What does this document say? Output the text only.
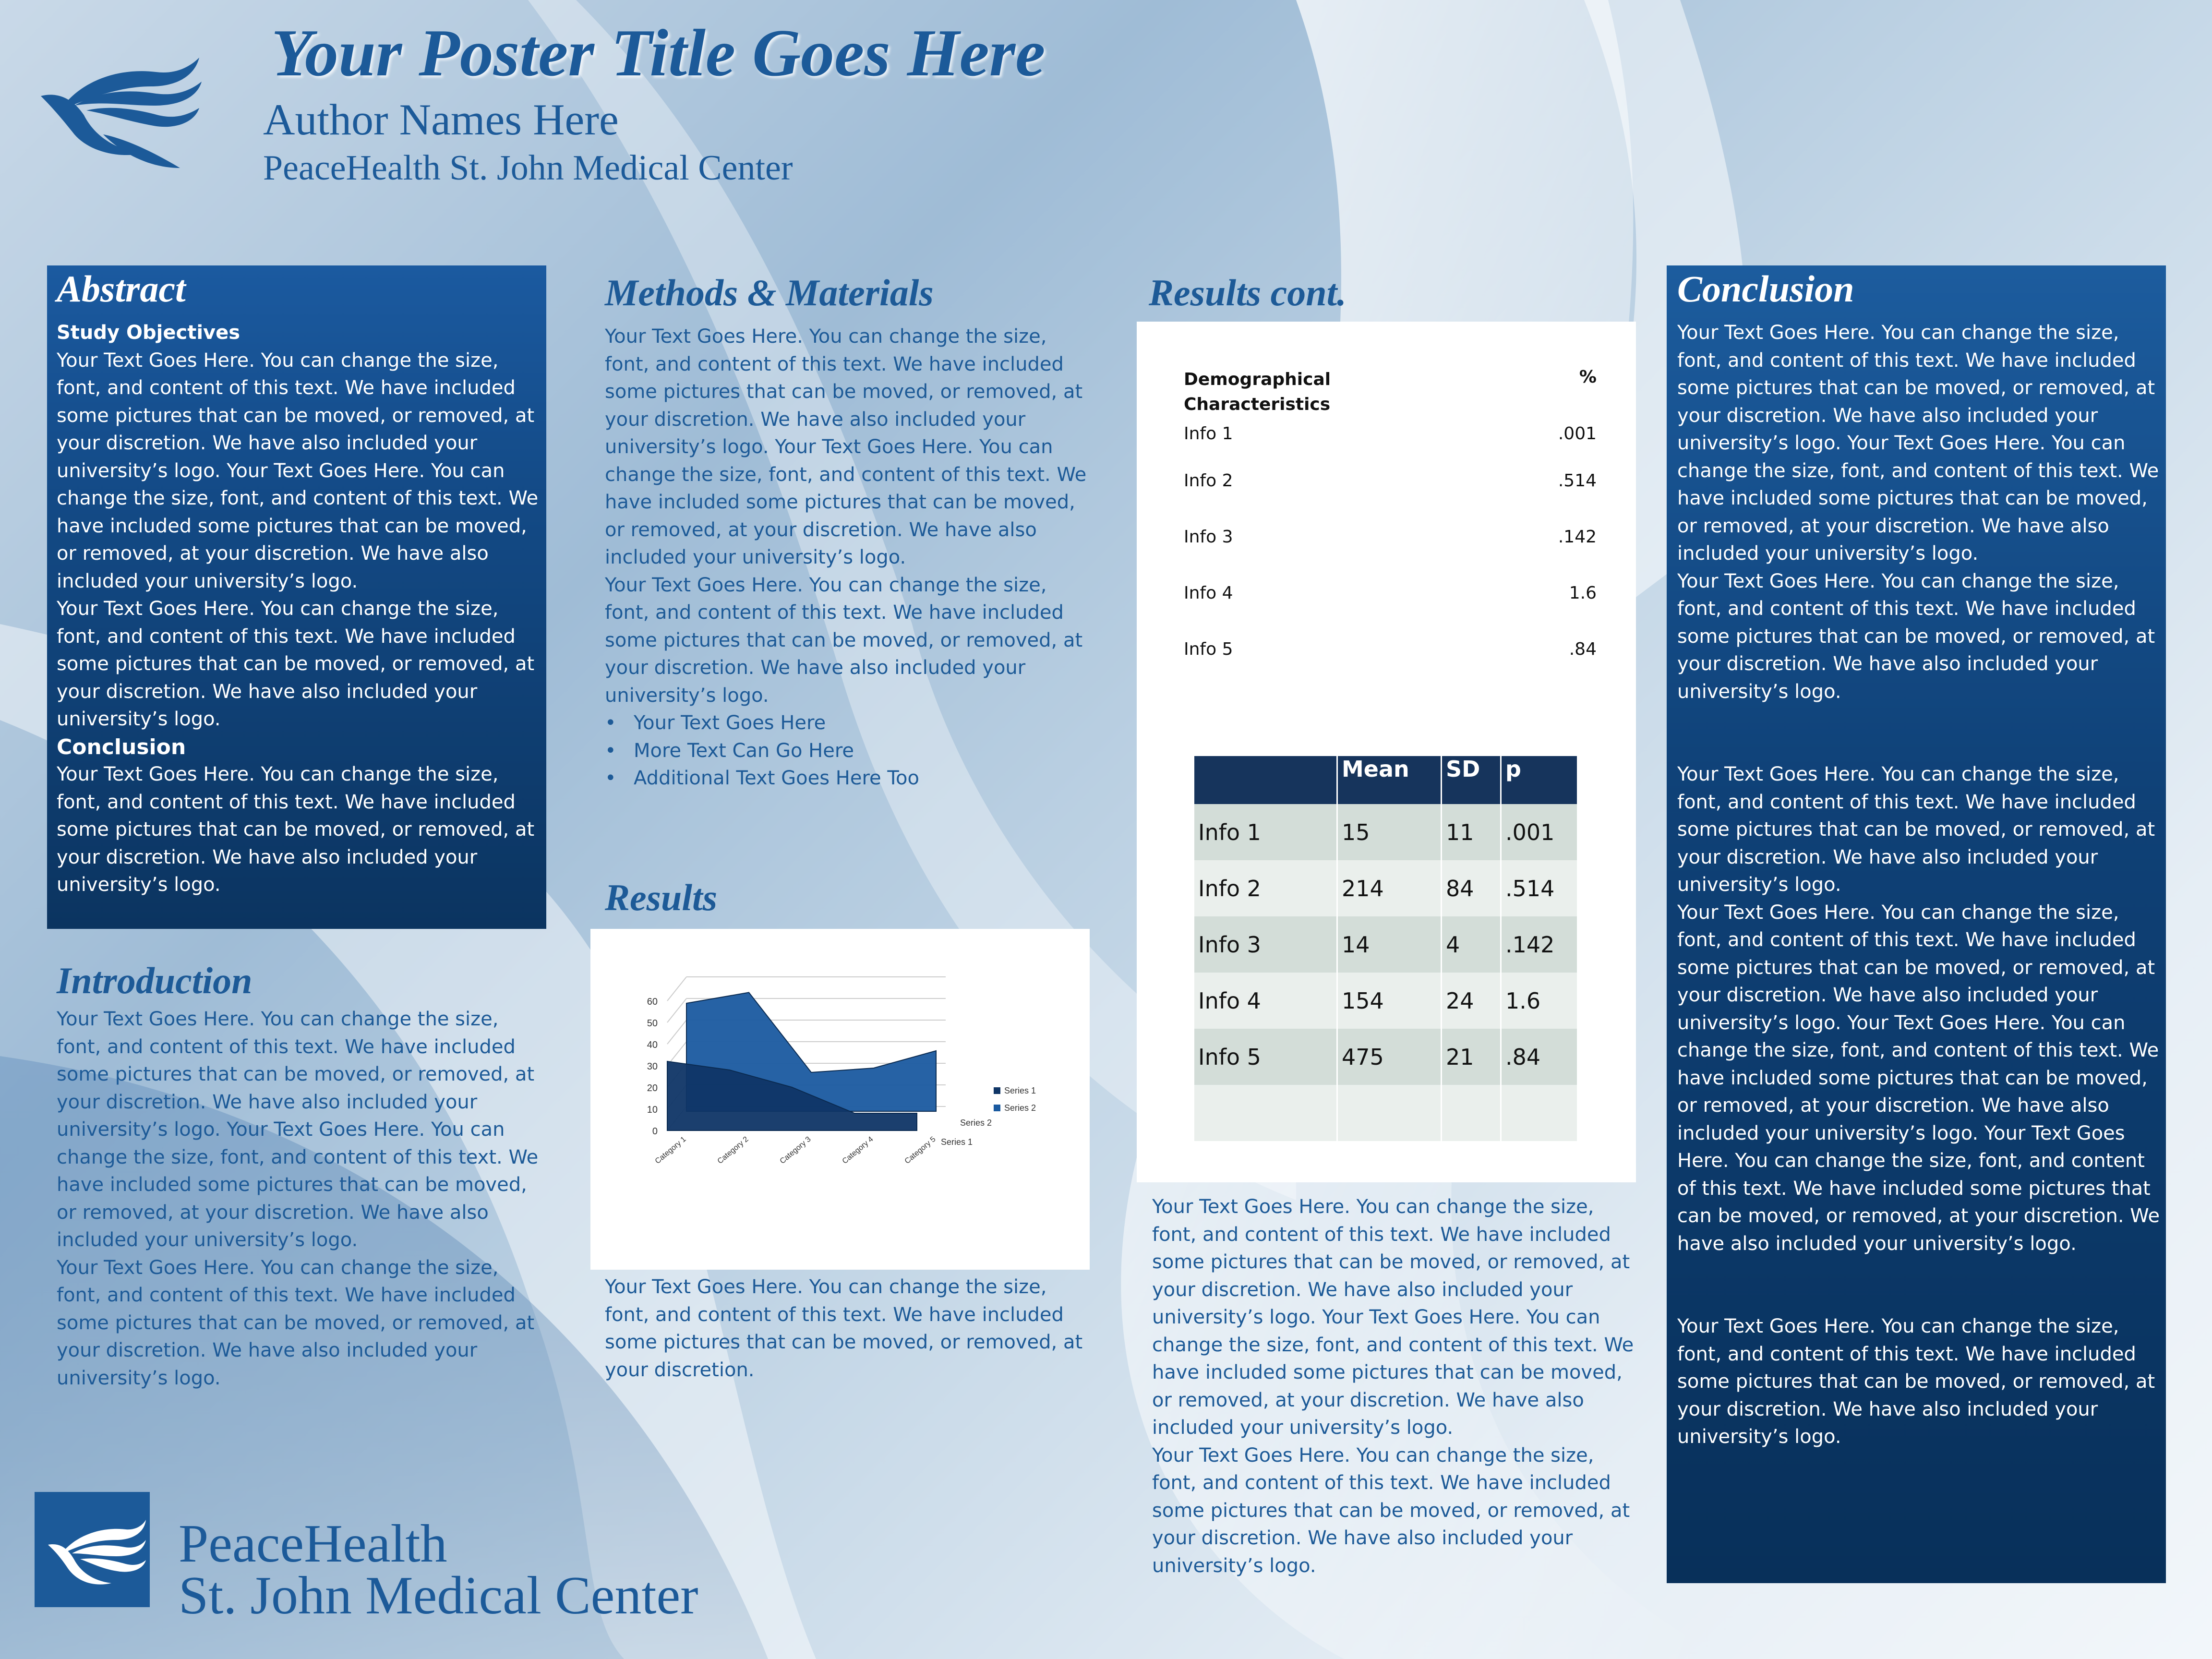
Your Poster Title Goes Here
Author Names Here
PeaceHealth St. John Medical Center
Abstract

Study Objectives

Your Text Goes Here. You can change the size, font, and content of this text. We have included some pictures that can be moved, or removed, at your discretion. We have also included your university’s logo. Your Text Goes Here. You can change the size, font, and content of this text. We have included some pictures that can be moved, or removed, at your discretion. We have also included your university’s logo.

Your Text Goes Here. You can change the size, font, and content of this text. We have included some pictures that can be moved, or removed, at your discretion. We have also included your university’s logo.

Conclusion

Your Text Goes Here. You can change the size, font, and content of this text. We have included some pictures that can be moved, or removed, at your discretion. We have also included your university’s logo.

Introduction

Your Text Goes Here. You can change the size, font, and content of this text. We have included some pictures that can be moved, or removed, at your discretion. We have also included your university’s logo. Your Text Goes Here. You can change the size, font, and content of this text. We have included some pictures that can be moved, or removed, at your discretion. We have also included your university’s logo.

Your Text Goes Here. You can change the size, font, and content of this text. We have included some pictures that can be moved, or removed, at your discretion. We have also included your university’s logo.

Methods & Materials

Your Text Goes Here. You can change the size, font, and content of this text. We have included some pictures that can be moved, or removed, at your discretion. We have also included your university’s logo. Your Text Goes Here. You can change the size, font, and content of this text. We have included some pictures that can be moved, or removed, at your discretion. We have also included your university’s logo.

Your Text Goes Here. You can change the size, font, and content of this text. We have included some pictures that can be moved, or removed, at your discretion. We have also included your university’s logo.

• Your Text Goes Here
• More Text Can Go Here
• Additional Text Goes Here Too
Results
0
10
20
30
40
50
60
Series 2
Series 1
Category 1	Category 2	Category 3	Category 4	Category 5
Series 1
Series 2

Your Text Goes Here. You can change the size, font, and content of this text. We have included some pictures that can be moved, or removed, at your discretion.

Results cont.
Demographical Characteristics	%
Info 1	.001
Info 2	.514
Info 3	.142
Info 4	1.6
Info 5	.84
	Mean	SD	p
Info 1	15	11	.001
Info 2	214	84	.514
Info 3	14	4	.142
Info 4	154	24	1.6
Info 5	475	21	.84

Your Text Goes Here. You can change the size, font, and content of this text. We have included some pictures that can be moved, or removed, at your discretion. We have also included your university’s logo. Your Text Goes Here. You can change the size, font, and content of this text. We have included some pictures that can be moved, or removed, at your discretion. We have also included your university’s logo.

Your Text Goes Here. You can change the size, font, and content of this text. We have included some pictures that can be moved, or removed, at your discretion. We have also included your university’s logo.

Conclusion

Your Text Goes Here. You can change the size, font, and content of this text. We have included some pictures that can be moved, or removed, at your discretion. We have also included your university’s logo. Your Text Goes Here. You can change the size, font, and content of this text. We have included some pictures that can be moved, or removed, at your discretion. We have also included your university’s logo.

Your Text Goes Here. You can change the size, font, and content of this text. We have included some pictures that can be moved, or removed, at your discretion. We have also included your university’s logo.

Your Text Goes Here. You can change the size, font, and content of this text. We have included some pictures that can be moved, or removed, at your discretion. We have also included your university’s logo.

Your Text Goes Here. You can change the size, font, and content of this text. We have included some pictures that can be moved, or removed, at your discretion. We have also included your university’s logo. Your Text Goes Here. You can change the size, font, and content of this text. We have included some pictures that can be moved, or removed, at your discretion. We have also included your university’s logo. Your Text Goes Here. You can change the size, font, and content of this text. We have included some pictures that can be moved, or removed, at your discretion. We have also included your university’s logo.

Your Text Goes Here. You can change the size, font, and content of this text. We have included some pictures that can be moved, or removed, at your discretion. We have also included your university’s logo.

PeaceHealth
St. John Medical Center
